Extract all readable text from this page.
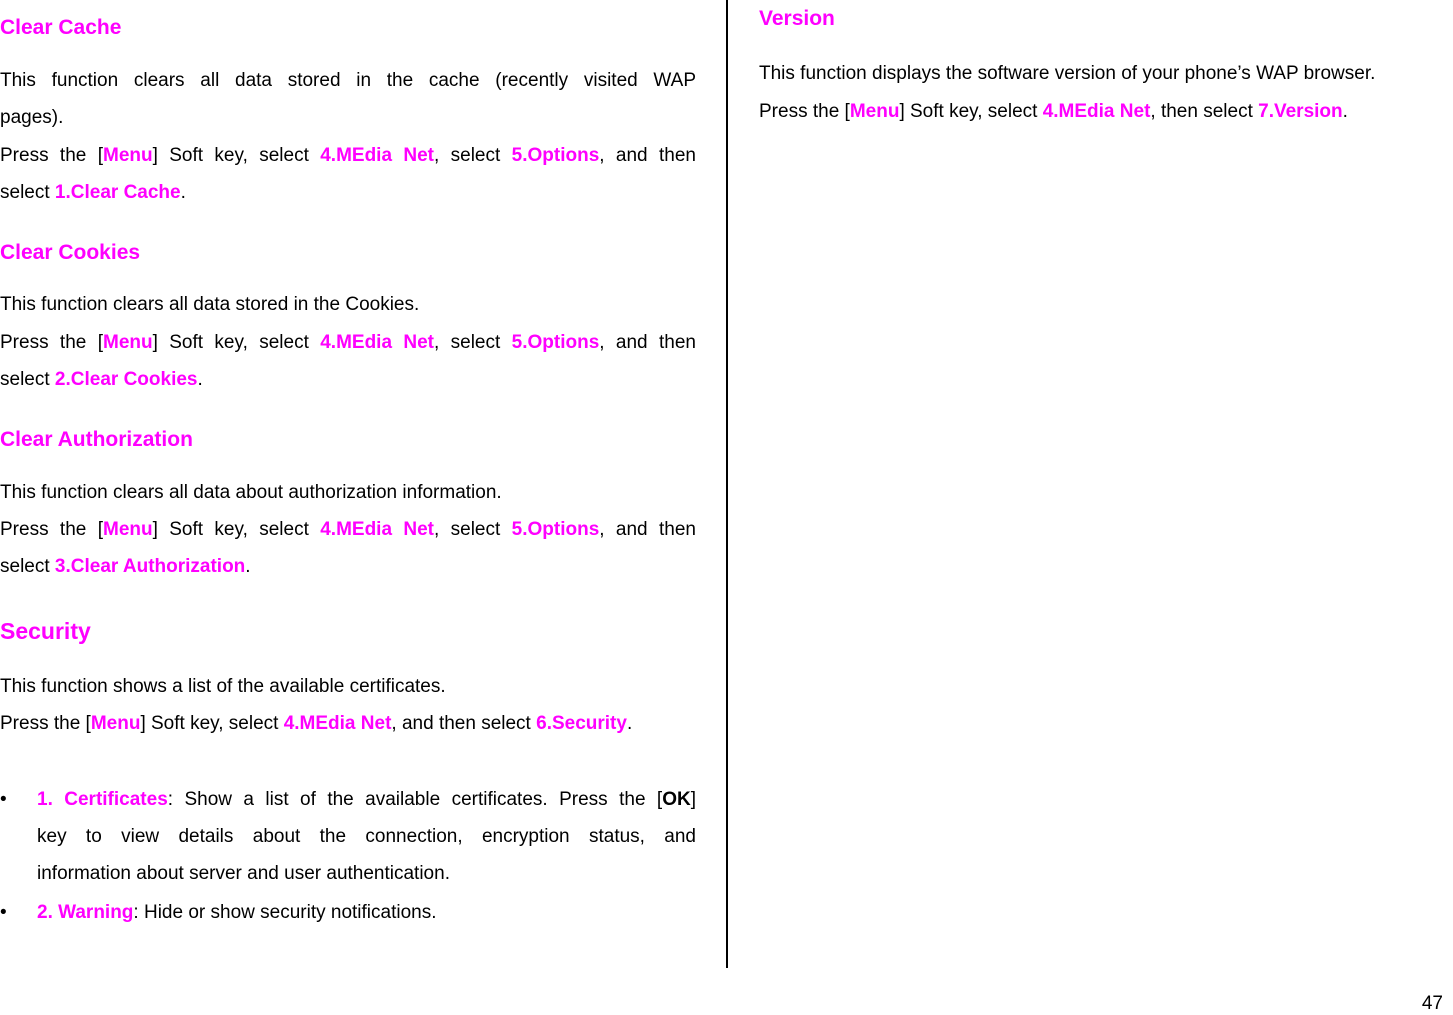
Clear Cache

This function clears all data stored in the cache (recently visited WAP

pages).

Press the [Menu] Soft key, select 4.MEdia Net, select 5.Options, and then

select 1.Clear Cache.

Clear Cookies

This function clears all data stored in the Cookies.

Press the [Menu] Soft key, select 4.MEdia Net, select 5.Options, and then

select 2.Clear Cookies.

Clear Authorization

This function clears all data about authorization information.

Press the [Menu] Soft key, select 4.MEdia Net, select 5.Options, and then

select 3.Clear Authorization.

Security

This function shows a list of the available certificates.

Press the [Menu] Soft key, select 4.MEdia Net, and then select 6.Security.

• 1. Certificates: Show a list of the available certificates. Press the [OK]

key to view details about the connection, encryption status, and

information about server and user authentication.

• 2. Warning: Hide or show security notifications.

Version

This function displays the software version of your phone’s WAP browser.

Press the [Menu] Soft key, select 4.MEdia Net, then select 7.Version.

47
